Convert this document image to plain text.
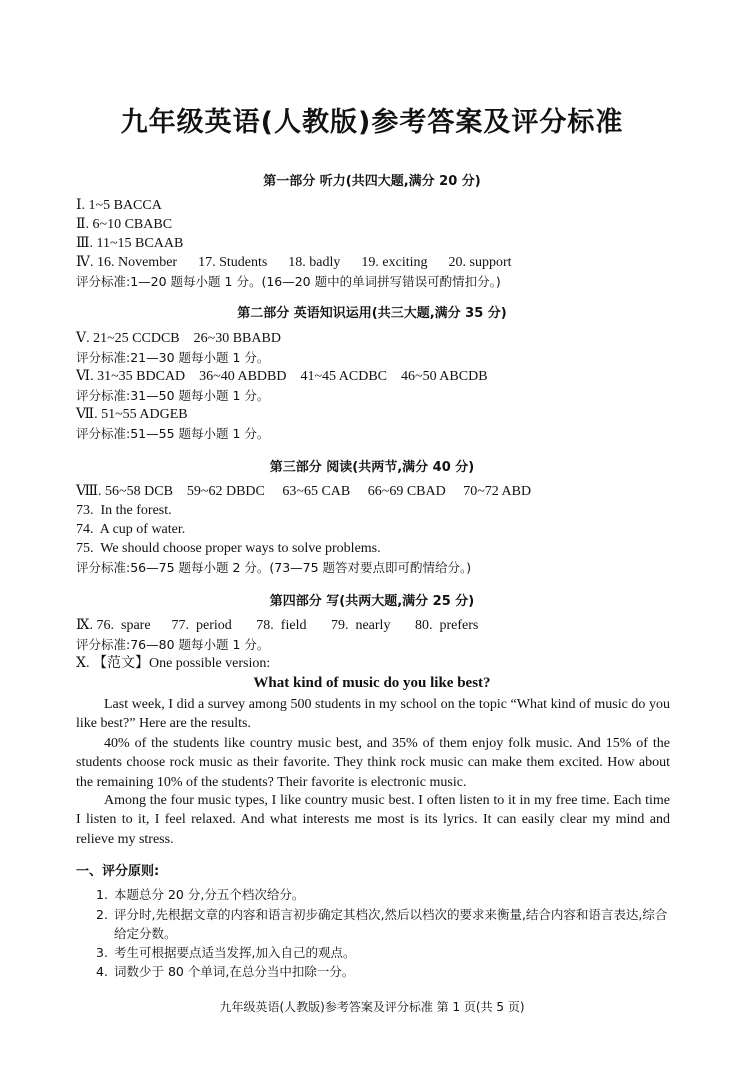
九年级英语(人教版)参考答案及评分标准
第一部分 听力(共四大题,满分 20 分)
Ⅰ. 1~5 BACCA
Ⅱ. 6~10 CBABC
Ⅲ. 11~15 BCAAB
Ⅳ. 16. November      17. Students      18. badly      19. exciting      20. support
评分标准:1—20 题每小题 1 分。(16—20 题中的单词拼写错误可酌情扣分。)
第二部分 英语知识运用(共三大题,满分 35 分)
Ⅴ. 21~25 CCDCB    26~30 BBABD
评分标准:21—30 题每小题 1 分。
Ⅵ. 31~35 BDCAD    36~40 ABDBD    41~45 ACDBC    46~50 ABCDB
评分标准:31—50 题每小题 1 分。
Ⅶ. 51~55 ADGEB
评分标准:51—55 题每小题 1 分。
第三部分 阅读(共两节,满分 40 分)
Ⅷ. 56~58 DCB    59~62 DBDC     63~65 CAB     66~69 CBAD     70~72 ABD
73.  In the forest.
74.  A cup of water.
75.  We should choose proper ways to solve problems.
评分标准:56—75 题每小题 2 分。(73—75 题答对要点即可酌情给分。)
第四部分 写(共两大题,满分 25 分)
Ⅸ. 76.  spare      77.  period       78.  field       79.  nearly       80.  prefers
评分标准:76—80 题每小题 1 分。
Ⅹ. 【范文】One possible version:
What kind of music do you like best?
Last week, I did a survey among 500 students in my school on the topic “What kind of music do you like best?” Here are the results.
40% of the students like country music best, and 35% of them enjoy folk music. And 15% of the students choose rock music as their favorite. They think rock music can make them excited. How about the remaining 10% of the students? Their favorite is electronic music.
Among the four music types, I like country music best. I often listen to it in my free time. Each time I listen to it, I feel relaxed. And what interests me most is its lyrics. It can easily clear my mind and relieve my stress.
一、评分原则:
1. 本题总分 20 分,分五个档次给分。
2. 评分时,先根据文章的内容和语言初步确定其档次,然后以档次的要求来衡量,结合内容和语言表达,综合给定分数。
3. 考生可根据要点适当发挥,加入自己的观点。
4. 词数少于 80 个单词,在总分当中扣除一分。
九年级英语(人教版)参考答案及评分标准 第 1 页(共 5 页)
